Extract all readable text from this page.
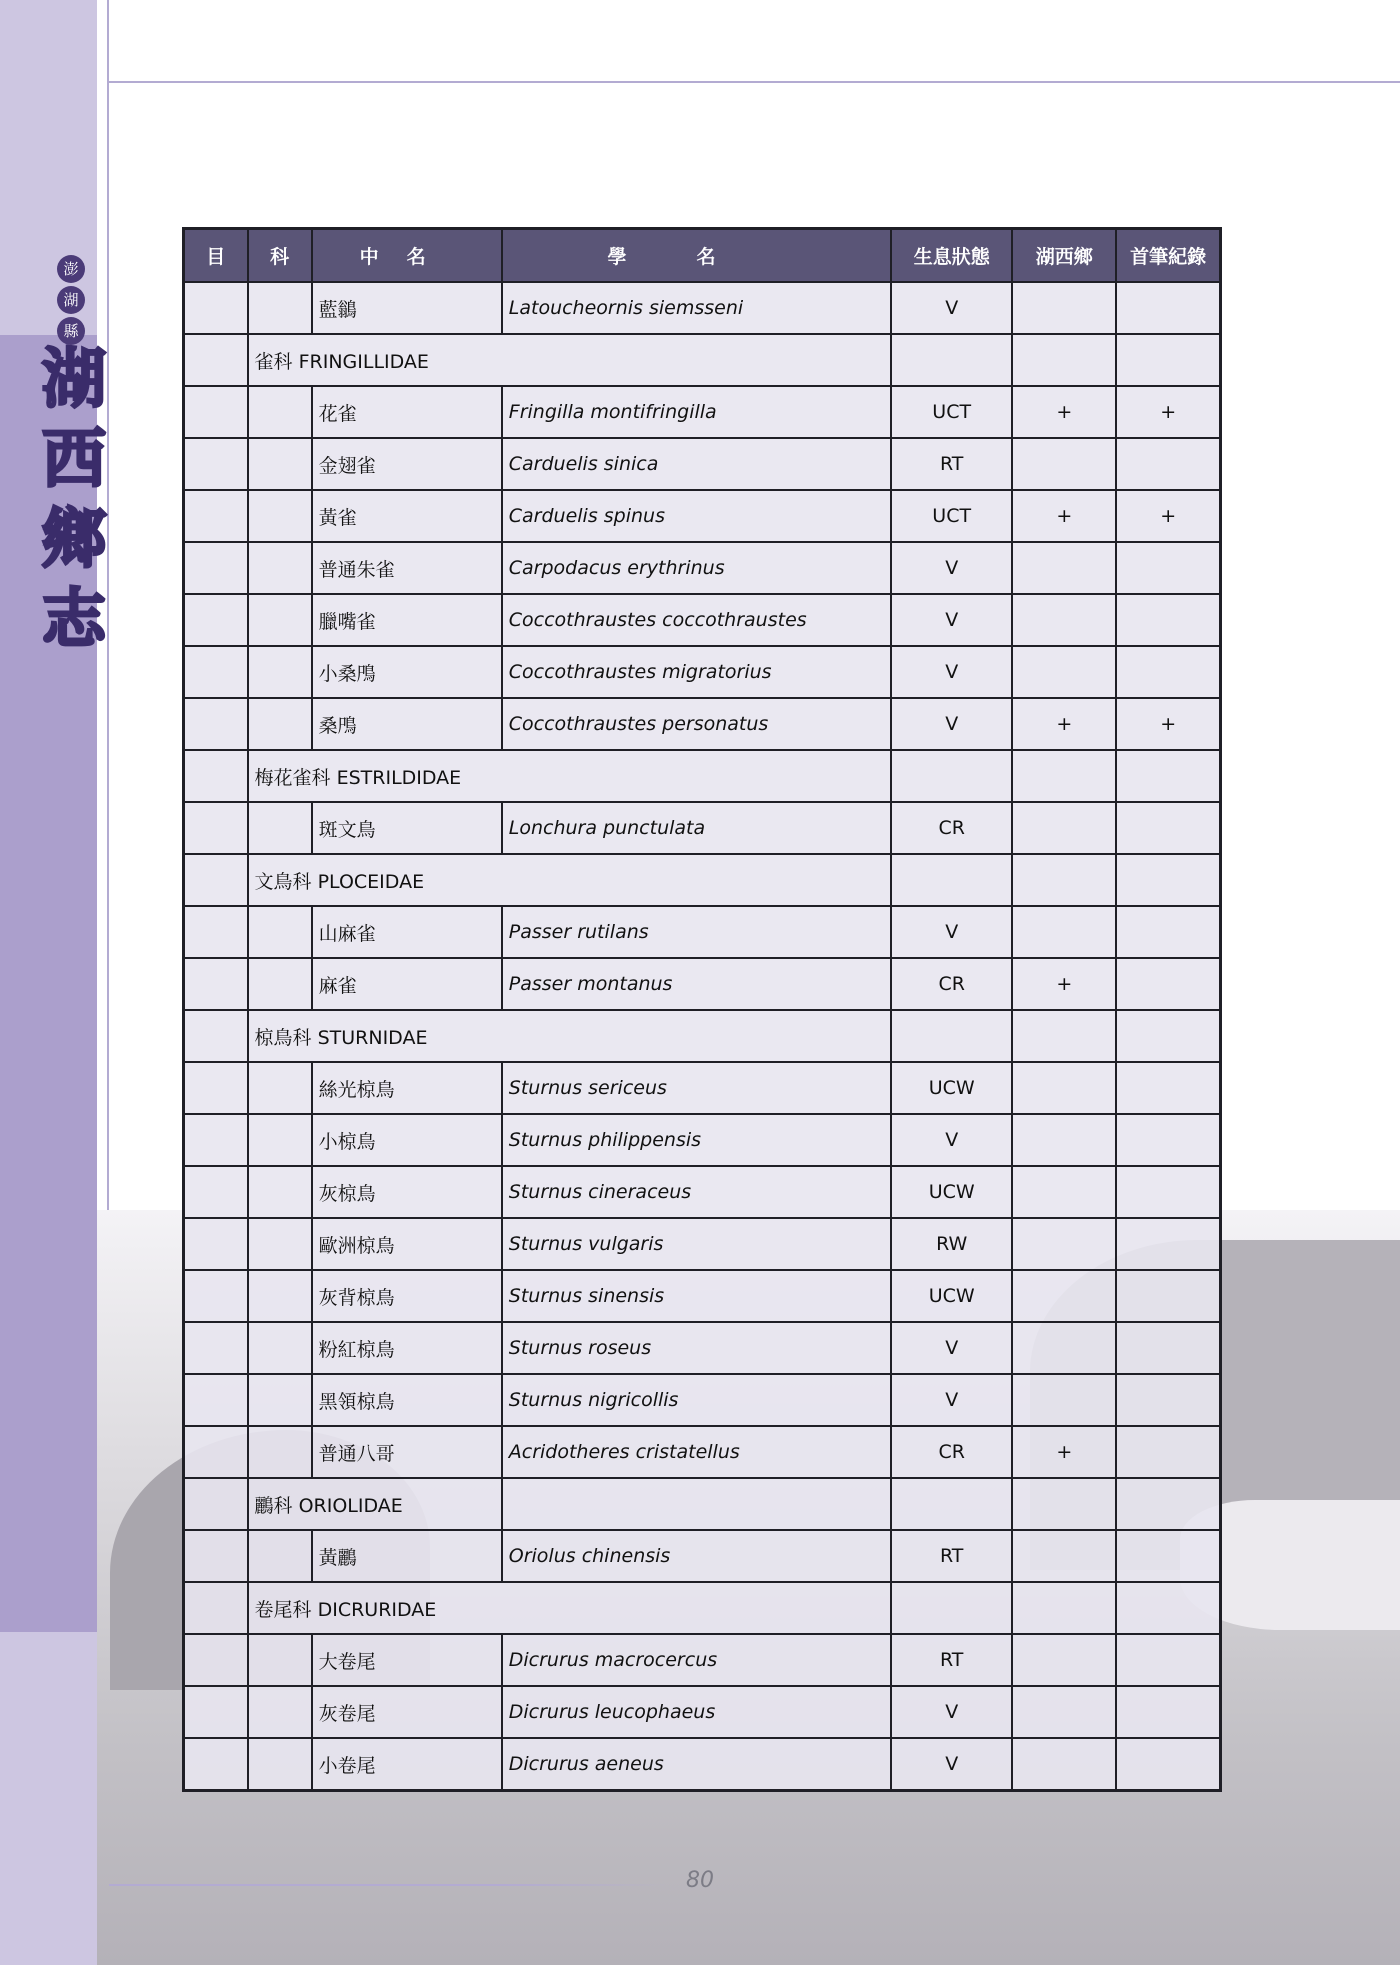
澎
湖
縣
湖
西
鄉
志
目	科	中名	學名	生息狀態	湖西鄉	首筆紀錄
		藍鶲	Latoucheornis siemsseni	V		
	雀科 FRINGILLIDAE					
		花雀	Fringilla montifringilla	UCT	+	+
		金翅雀	Carduelis sinica	RT		
		黃雀	Carduelis spinus	UCT	+	+
		普通朱雀	Carpodacus erythrinus	V		
		臘嘴雀	Coccothraustes coccothraustes	V		
		小桑鳲	Coccothraustes migratorius	V		
		桑鳲	Coccothraustes personatus	V	+	+
	梅花雀科 ESTRILDIDAE					
		斑文鳥	Lonchura punctulata	CR		
	文鳥科 PLOCEIDAE					
		山麻雀	Passer rutilans	V		
		麻雀	Passer montanus	CR	+	
	椋鳥科 STURNIDAE					
		絲光椋鳥	Sturnus sericeus	UCW		
		小椋鳥	Sturnus philippensis	V		
		灰椋鳥	Sturnus cineraceus	UCW		
		歐洲椋鳥	Sturnus vulgaris	RW		
		灰背椋鳥	Sturnus sinensis	UCW		
		粉紅椋鳥	Sturnus roseus	V		
		黑領椋鳥	Sturnus nigricollis	V		
		普通八哥	Acridotheres cristatellus	CR	+	
	鸝科 ORIOLIDAE					
		黃鸝	Oriolus chinensis	RT		
	卷尾科 DICRURIDAE					
		大卷尾	Dicrurus macrocercus	RT		
		灰卷尾	Dicrurus leucophaeus	V		
		小卷尾	Dicrurus aeneus	V		
80
